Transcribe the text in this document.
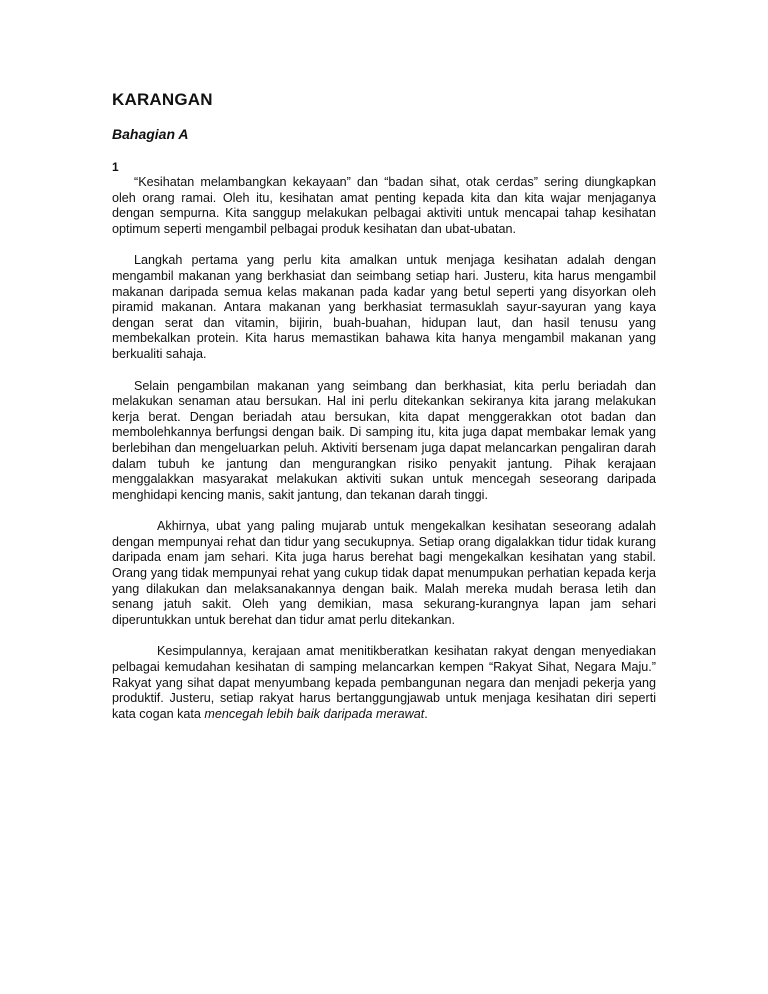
KARANGAN
Bahagian A
1

“Kesihatan melambangkan kekayaan” dan “badan sihat, otak cerdas” sering diungkapkan oleh orang ramai. Oleh itu, kesihatan amat penting kepada kita dan kita wajar menjaganya dengan sempurna. Kita sanggup melakukan pelbagai aktiviti untuk mencapai tahap kesihatan optimum seperti mengambil pelbagai produk kesihatan dan ubat-ubatan.

Langkah pertama yang perlu kita amalkan untuk menjaga kesihatan adalah dengan mengambil makanan yang berkhasiat dan seimbang setiap hari. Justeru, kita harus mengambil makanan daripada semua kelas makanan pada kadar yang betul seperti yang disyorkan oleh piramid makanan. Antara makanan yang berkhasiat termasuklah sayur-sayuran yang kaya dengan serat dan vitamin, bijirin, buah-buahan, hidupan laut, dan hasil tenusu yang membekalkan protein. Kita harus memastikan bahawa kita hanya mengambil makanan yang berkualiti sahaja.

Selain pengambilan makanan yang seimbang dan berkhasiat, kita perlu beriadah dan melakukan senaman atau bersukan. Hal ini perlu ditekankan sekiranya kita jarang melakukan kerja berat. Dengan beriadah atau bersukan, kita dapat menggerakkan otot badan dan membolehkannya berfungsi dengan baik. Di samping itu, kita juga dapat membakar lemak yang berlebihan dan mengeluarkan peluh. Aktiviti bersenam juga dapat melancarkan pengaliran darah dalam tubuh ke jantung dan mengurangkan risiko penyakit jantung. Pihak kerajaan menggalakkan masyarakat melakukan aktiviti sukan untuk mencegah seseorang daripada menghidapi kencing manis, sakit jantung, dan tekanan darah tinggi.

Akhirnya, ubat yang paling mujarab untuk mengekalkan kesihatan seseorang adalah dengan mempunyai rehat dan tidur yang secukupnya. Setiap orang digalakkan tidur tidak kurang daripada enam jam sehari. Kita juga harus berehat bagi mengekalkan kesihatan yang stabil. Orang yang tidak mempunyai rehat yang cukup tidak dapat menumpukan perhatian kepada kerja yang dilakukan dan melaksanakannya dengan baik. Malah mereka mudah berasa letih dan senang jatuh sakit. Oleh yang demikian, masa sekurang-kurangnya lapan jam sehari diperuntukkan untuk berehat dan tidur amat perlu ditekankan.

Kesimpulannya, kerajaan amat menitikberatkan kesihatan rakyat dengan menyediakan pelbagai kemudahan kesihatan di samping melancarkan kempen “Rakyat Sihat, Negara Maju.” Rakyat yang sihat dapat menyumbang kepada pembangunan negara dan menjadi pekerja yang produktif. Justeru, setiap rakyat harus bertanggungjawab untuk menjaga kesihatan diri seperti kata cogan kata mencegah lebih baik daripada merawat.
